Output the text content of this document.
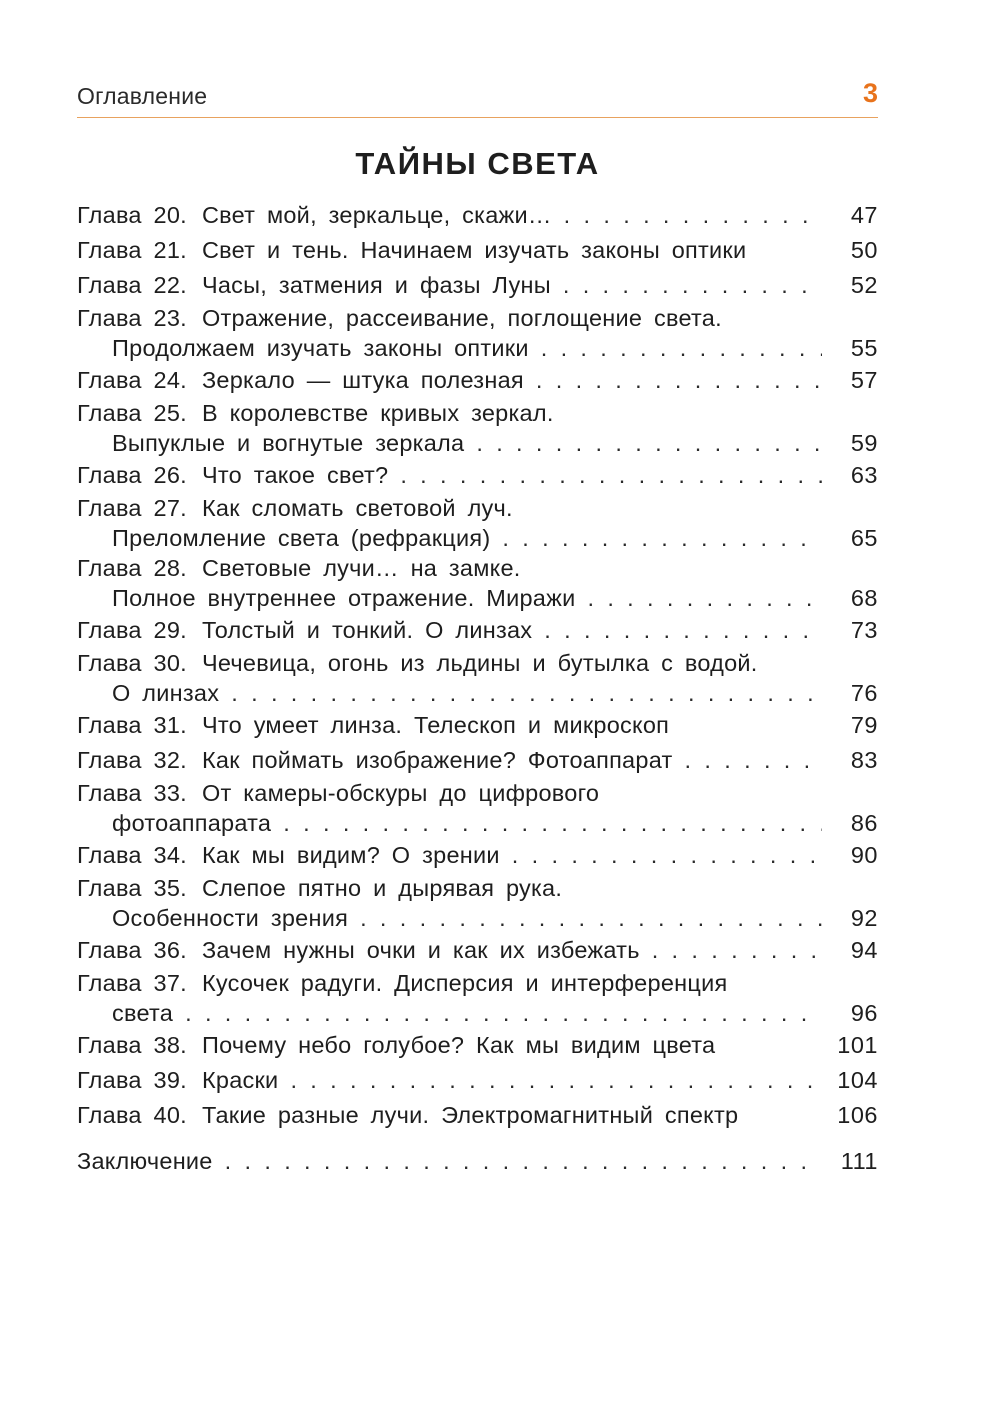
Оглавление	3
ТАЙНЫ СВЕТА
Глава 20. Свет мой, зеркальце, скажи… . . .	47
Глава 21. Свет и тень. Начинаем изучать законы оптики	50
Глава 22. Часы, затмения и фазы Луны . . .	52
Глава 23. Отражение, рассеивание, поглощение света.
Продолжаем изучать законы оптики . . .	55
Глава 24. Зеркало — штука полезная . . .	57
Глава 25. В королевстве кривых зеркал.
Выпуклые и вогнутые зеркала . . .	59
Глава 26. Что такое свет? . . .	63
Глава 27. Как сломать световой луч.
Преломление света (рефракция) . . .	65
Глава 28. Световые лучи… на замке.
Полное внутреннее отражение. Миражи . . .	68
Глава 29. Толстый и тонкий. О линзах . . .	73
Глава 30. Чечевица, огонь из льдины и бутылка с водой.
О линзах . . .	76
Глава 31. Что умеет линза. Телескоп и микроскоп	79
Глава 32. Как поймать изображение? Фотоаппарат . . .	83
Глава 33. От камеры-обскуры до цифрового
фотоаппарата . . .	86
Глава 34. Как мы видим? О зрении . . .	90
Глава 35. Слепое пятно и дырявая рука.
Особенности зрения . . .	92
Глава 36. Зачем нужны очки и как их избежать . . .	94
Глава 37. Кусочек радуги. Дисперсия и интерференция
света . . .	96
Глава 38. Почему небо голубое? Как мы видим цвета	101
Глава 39. Краски . . .	104
Глава 40. Такие разные лучи. Электромагнитный спектр	106
Заключение . . .	111
